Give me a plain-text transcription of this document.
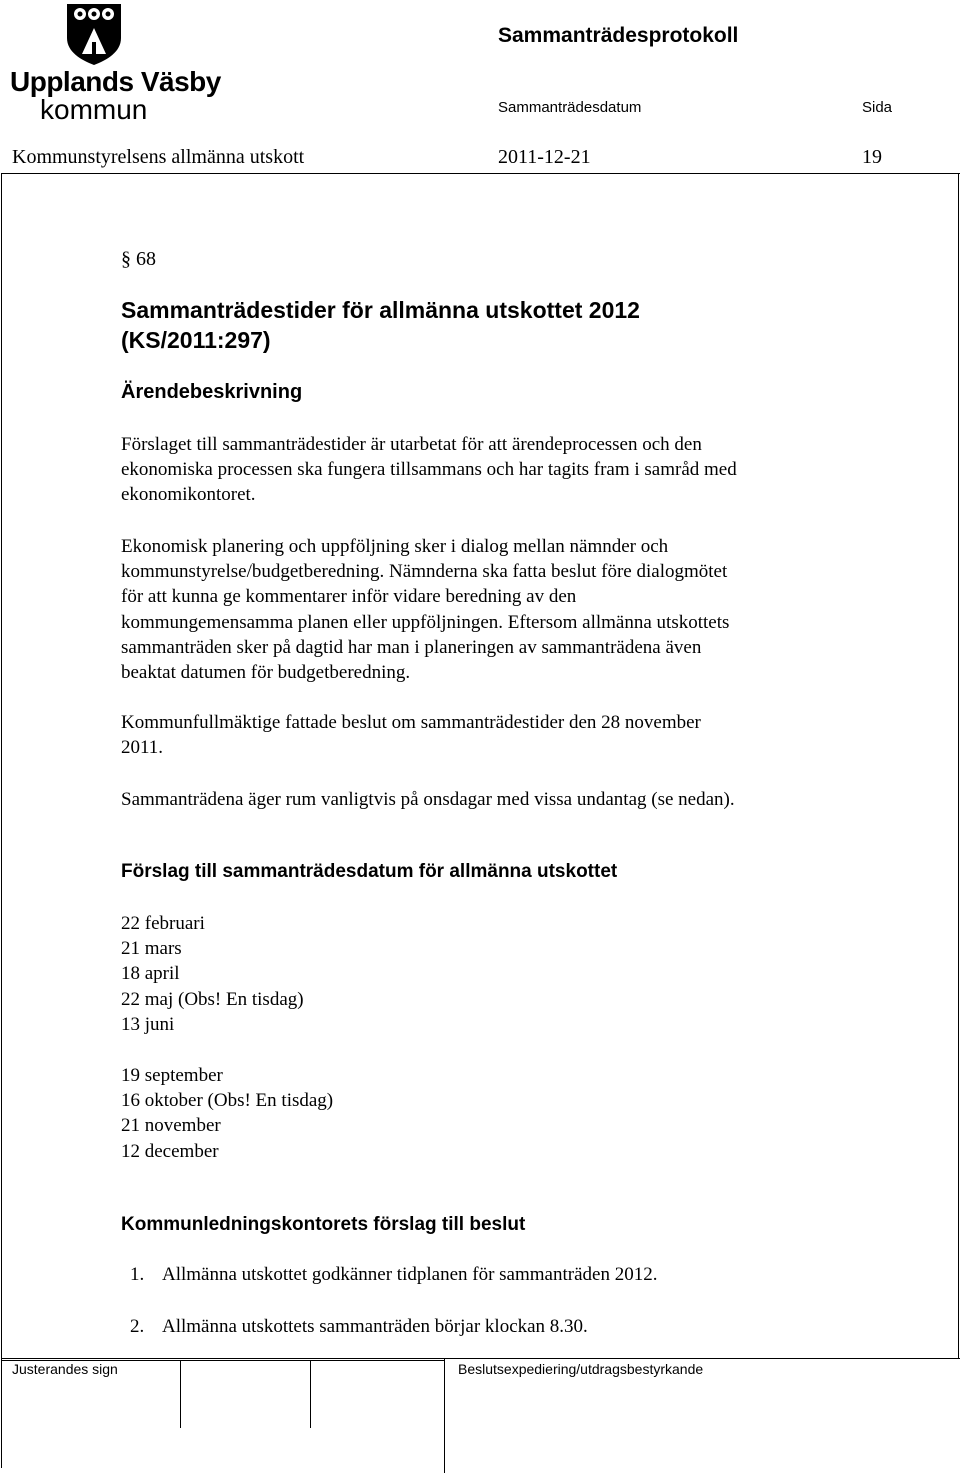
Upplands Väsby
kommun
Sammanträdesprotokoll
Sammanträdesdatum	Sida
Kommunstyrelsens allmänna utskott	2011-12-21	19
§ 68
Sammanträdestider för allmänna utskottet 2012
(KS/2011:297)
Ärendebeskrivning
Förslaget till sammanträdestider är utarbetat för att ärendeprocessen och den
ekonomiska processen ska fungera tillsammans och har tagits fram i samråd med
ekonomikontoret.
Ekonomisk planering och uppföljning sker i dialog mellan nämnder och
kommunstyrelse/budgetberedning. Nämnderna ska fatta beslut före dialogmötet
för att kunna ge kommentarer inför vidare beredning av den
kommungemensamma planen eller uppföljningen. Eftersom allmänna utskottets
sammanträden sker på dagtid har man i planeringen av sammanträdena även
beaktat datumen för budgetberedning.
Kommunfullmäktige fattade beslut om sammanträdestider den 28 november
2011.
Sammanträdena äger rum vanligtvis på onsdagar med vissa undantag (se nedan).
Förslag till sammanträdesdatum för allmänna utskottet
22 februari
21 mars
18 april
22 maj (Obs! En tisdag)
13 juni
19 september
16 oktober (Obs! En tisdag)
21 november
12 december
Kommunledningskontorets förslag till beslut
1. Allmänna utskottet godkänner tidplanen för sammanträden 2012.
2. Allmänna utskottets sammanträden börjar klockan 8.30.
Justerandes sign	Beslutsexpediering/utdragsbestyrkande
